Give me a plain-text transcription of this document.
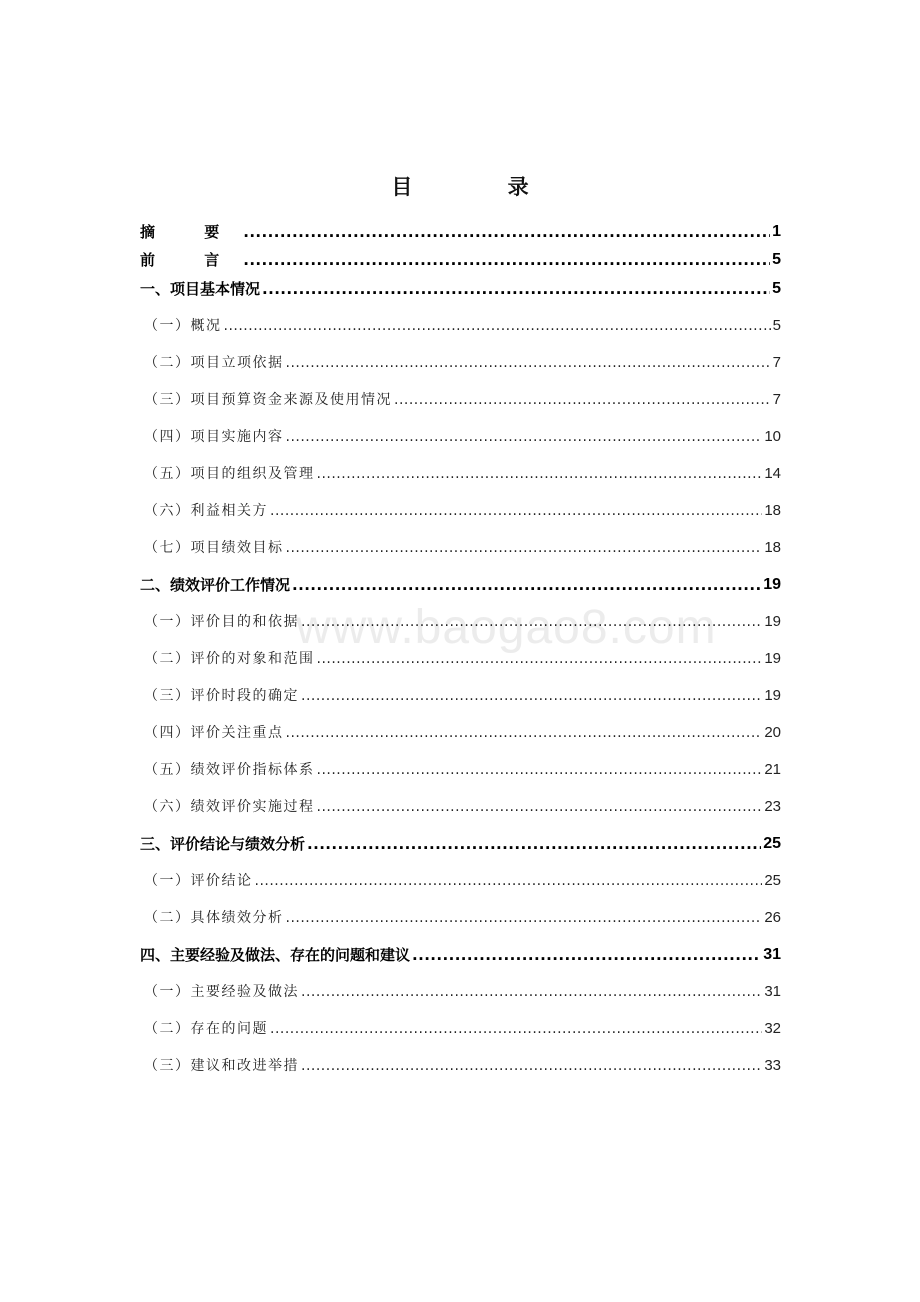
目 录
www.baogao8.com
摘 要 .....	1
前 言 .....	5
一、项目基本情况 .....	5
（一）概况 .....	5
（二）项目立项依据 .....	7
（三）项目预算资金来源及使用情况 .....	7
（四）项目实施内容 .....	10
（五）项目的组织及管理 .....	14
（六）利益相关方 .....	18
（七）项目绩效目标 .....	18
二、绩效评价工作情况 .....	19
（一）评价目的和依据 .....	19
（二）评价的对象和范围 .....	19
（三）评价时段的确定 .....	19
（四）评价关注重点 .....	20
（五）绩效评价指标体系 .....	21
（六）绩效评价实施过程 .....	23
三、评价结论与绩效分析 .....	25
（一）评价结论 .....	25
（二）具体绩效分析 .....	26
四、主要经验及做法、存在的问题和建议 .....	31
（一）主要经验及做法 .....	31
（二）存在的问题 .....	32
（三）建议和改进举措 .....	33
